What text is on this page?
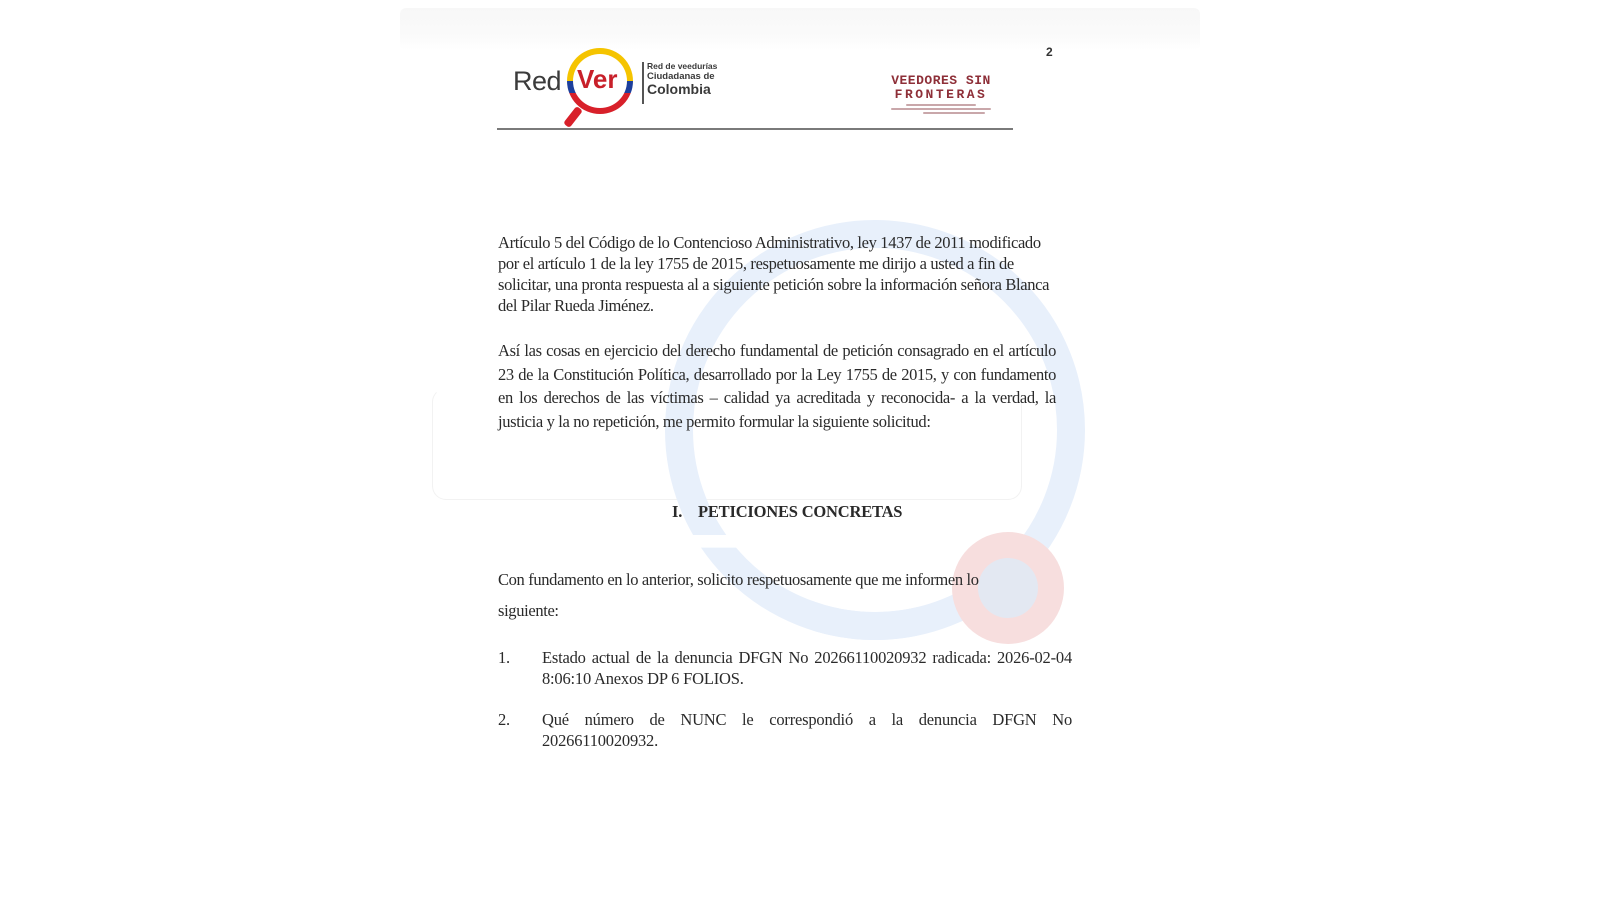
Red Ver	Red de veedurías
Ciudadanas de
Colombia
VEEDORES SIN
FRONTERAS
2

Artículo 5 del Código de lo Contencioso Administrativo, ley 1437 de 2011 modificado por el artículo 1 de la ley 1755 de 2015, respetuosamente me dirijo a usted a fin de solicitar, una pronta respuesta al a siguiente petición sobre la información señora Blanca del Pilar Rueda Jiménez.

Así las cosas en ejercicio del derecho fundamental de petición consagrado en el artículo 23 de la Constitución Política, desarrollado por la Ley 1755 de 2015, y con fundamento en los derechos de las víctimas – calidad ya acreditada y reconocida- a la verdad, la justicia y la no repetición, me permito formular la siguiente solicitud:

I. PETICIONES CONCRETAS

Con fundamento en lo anterior, solicito respetuosamente que me informen lo siguiente:

1. Estado actual de la denuncia DFGN No 20266110020932 radicada: 2026-02-04 8:06:10 Anexos DP 6 FOLIOS.
2. Qué número de NUNC le correspondió a la denuncia DFGN No 20266110020932.
